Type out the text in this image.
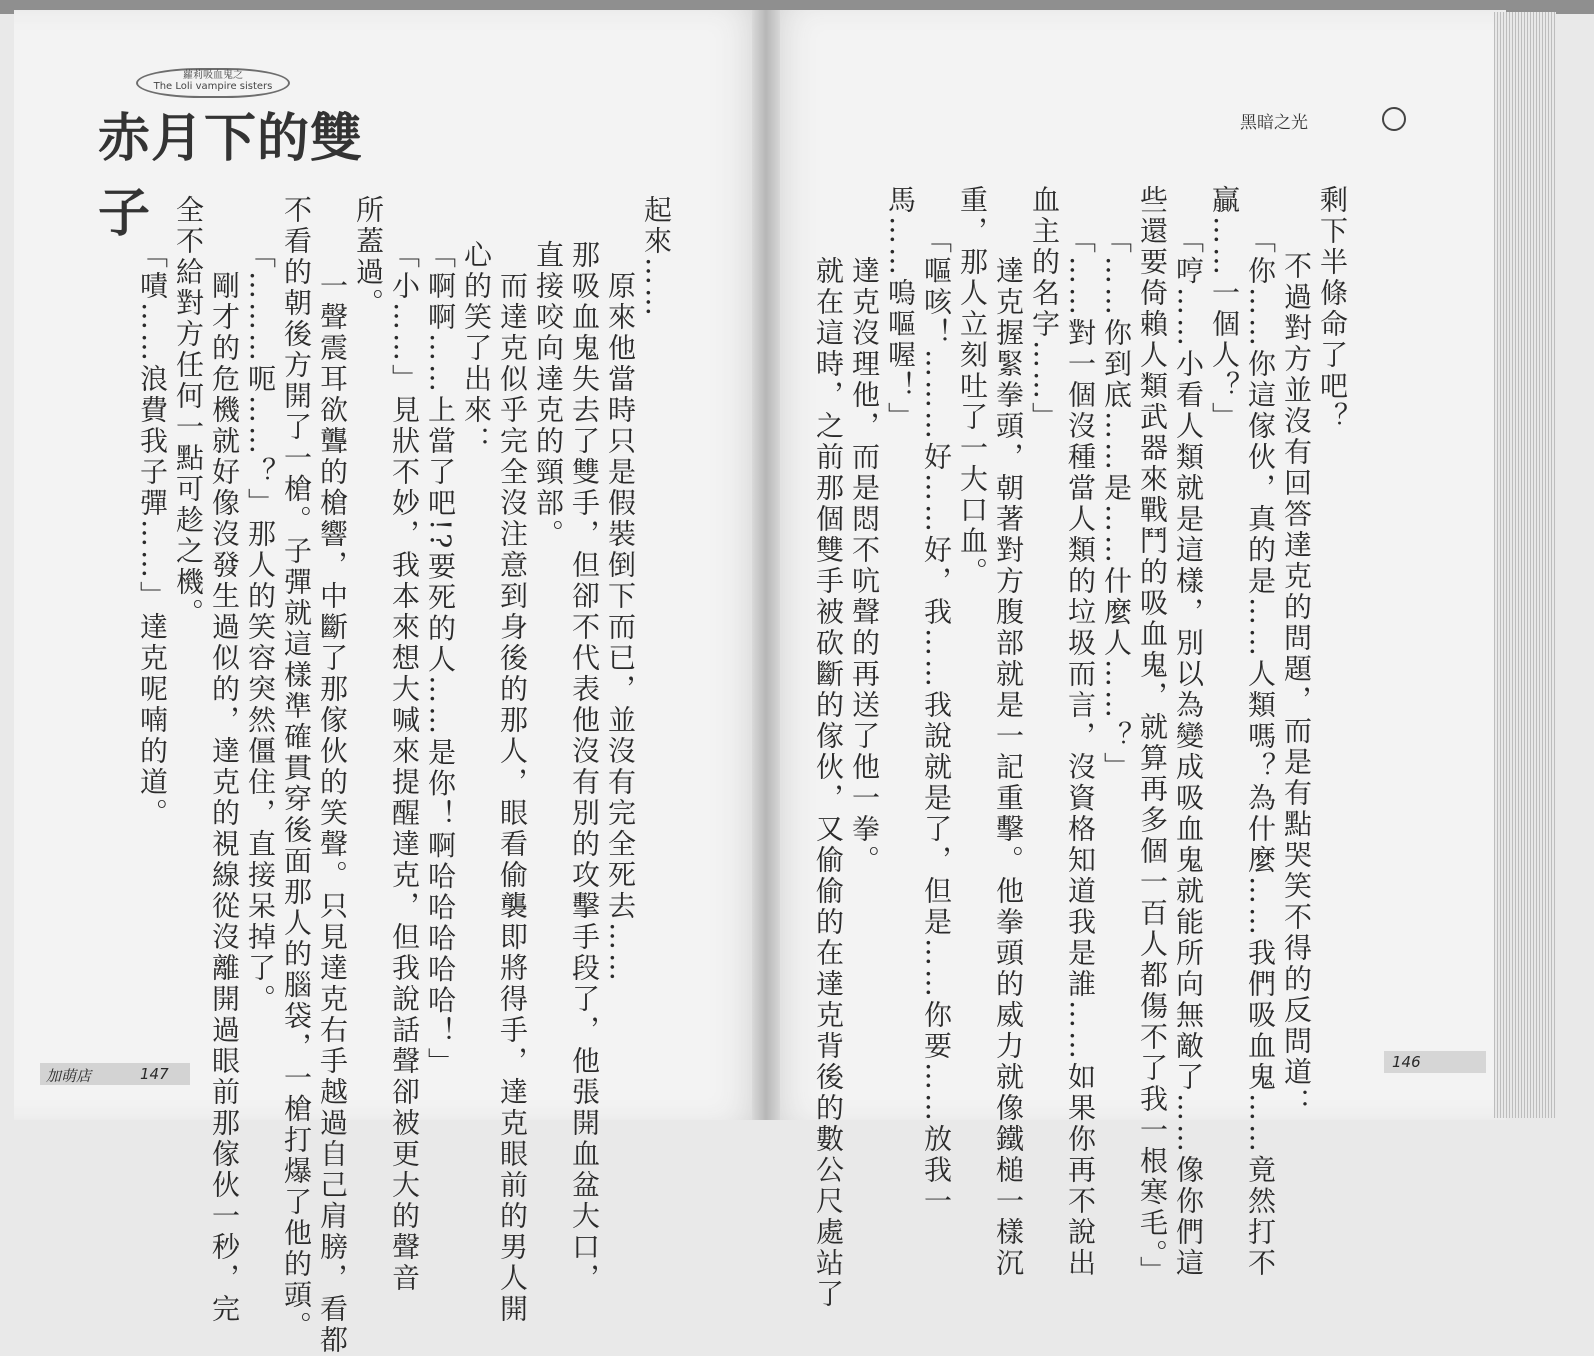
蘿莉吸血鬼之
The Loli vampire sisters
赤月下的雙子

黑暗之光
起來……
　原來他當時只是假裝倒下而已，並沒有完全死去……
那吸血鬼失去了雙手，但卻不代表他沒有別的攻擊手段了，他張開血盆大口，
直接咬向達克的頸部。
　而達克似乎完全沒注意到身後的那人，眼看偷襲即將得手，達克眼前的男人開
心的笑了出來：
「啊啊……上當了吧!?要死的人……是你！啊哈哈哈哈哈！」
「小……」見狀不妙，我本來想大喊來提醒達克，但我說話聲卻被更大的聲音
所蓋過。
　一聲震耳欲聾的槍響，中斷了那傢伙的笑聲。只見達克右手越過自己肩膀，看都
不看的朝後方開了一槍。子彈就這樣準確貫穿後面那人的腦袋，一槍打爆了他的頭。
「………呃……？」那人的笑容突然僵住，直接呆掉了。
　剛才的危機就好像沒發生過似的，達克的視線從沒離開過眼前那傢伙一秒，完
全不給對方任何一點可趁之機。
「嘖……浪費我子彈……」達克呢喃的道。	剩下半條命了吧？
　不過對方並沒有回答達克的問題，而是有點哭笑不得的反問道：
「你……你這傢伙，真的是……人類嗎？為什麼……我們吸血鬼……竟然打不
贏……一個人？」
「哼……小看人類就是這樣，別以為變成吸血鬼就能所向無敵了……像你們這
些還要倚賴人類武器來戰鬥的吸血鬼，就算再多個一百人都傷不了我一根寒毛。」
「……你到底……是……什麼人……？」
「……對一個沒種當人類的垃圾而言，沒資格知道我是誰……如果你再不說出
血主的名字……」
　達克握緊拳頭，朝著對方腹部就是一記重擊。他拳頭的威力就像鐵槌一樣沉
重，那人立刻吐了一大口血。
「嘔咳！………好……好，我……我說就是了，但是……你要……放我一
馬……嗚嘔喔！」
　達克沒理他，而是悶不吭聲的再送了他一拳。
　就在這時，之前那個雙手被砍斷的傢伙，又偷偷的在達克背後的數公尺處站了
加萌店	147
146
